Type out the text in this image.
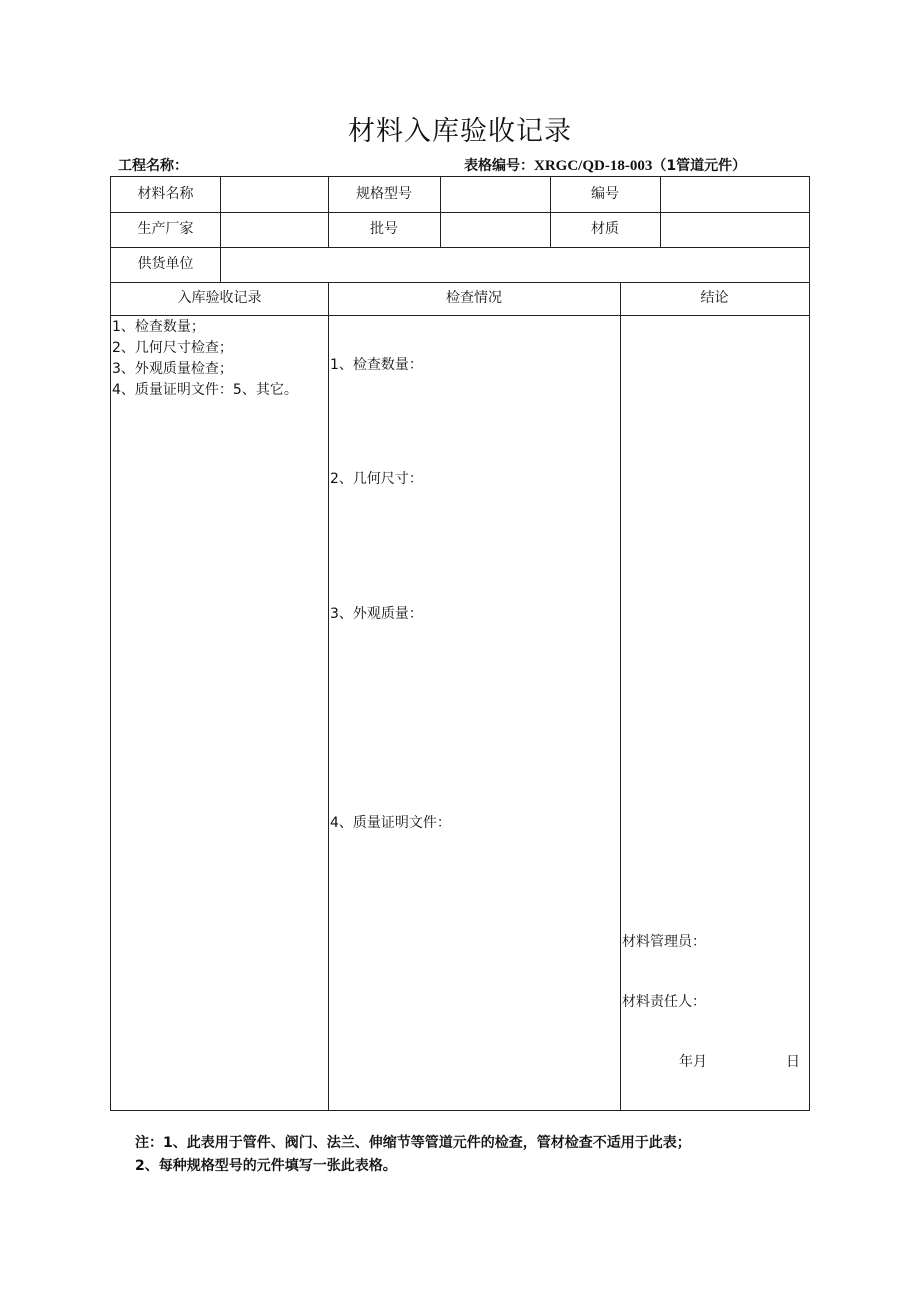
材料入库验收记录
工程名称：	表格编号：XRGC/QD-18-003（1管道元件）
材料名称	规格型号	编号
生产厂家	批号	材质
供货单位
入库验收记录	检查情况	结论
1、检查数量；
2、几何尺寸检查；
3、外观质量检查；
4、质量证明文件：5、其它。
1、检查数量：
2、几何尺寸：
3、外观质量：
4、质量证明文件：
材料管理员：
材料责任人：
年月	日
注：1、此表用于管件、阀门、法兰、伸缩节等管道元件的检查，管材检查不适用于此表；
2、每种规格型号的元件填写一张此表格。
